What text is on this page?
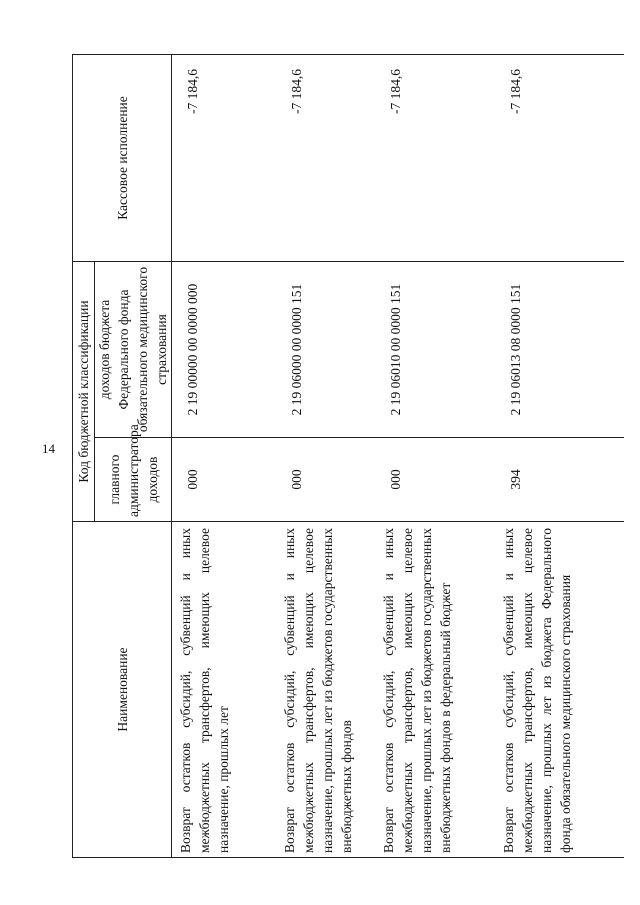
14
Наименование	Код бюджетной классификации		Кассовое исполнение
	главного администратора доходов	доходов бюджета Федерального фонда обязательного медицинского страхования	
Возврат остатков субсидий, субвенций и иных межбюджетных трансфертов, имеющих целевое назначение, прошлых лет	000	2 19 00000 00 0000 000	-7 184,6
Возврат остатков субсидий, субвенций и иных межбюджетных трансфертов, имеющих целевое назначение, прошлых лет из бюджетов государственных внебюджетных фондов	000	2 19 06000 00 0000 151	-7 184,6
Возврат остатков субсидий, субвенций и иных межбюджетных трансфертов, имеющих целевое назначение, прошлых лет из бюджетов государственных внебюджетных фондов в федеральный бюджет	000	2 19 06010 00 0000 151	-7 184,6
Возврат остатков субсидий, субвенций и иных межбюджетных трансфертов, имеющих целевое назначение, прошлых лет из бюджета Федерального фонда обязательного медицинского страхования	394	2 19 06013 08 0000 151	-7 184,6
